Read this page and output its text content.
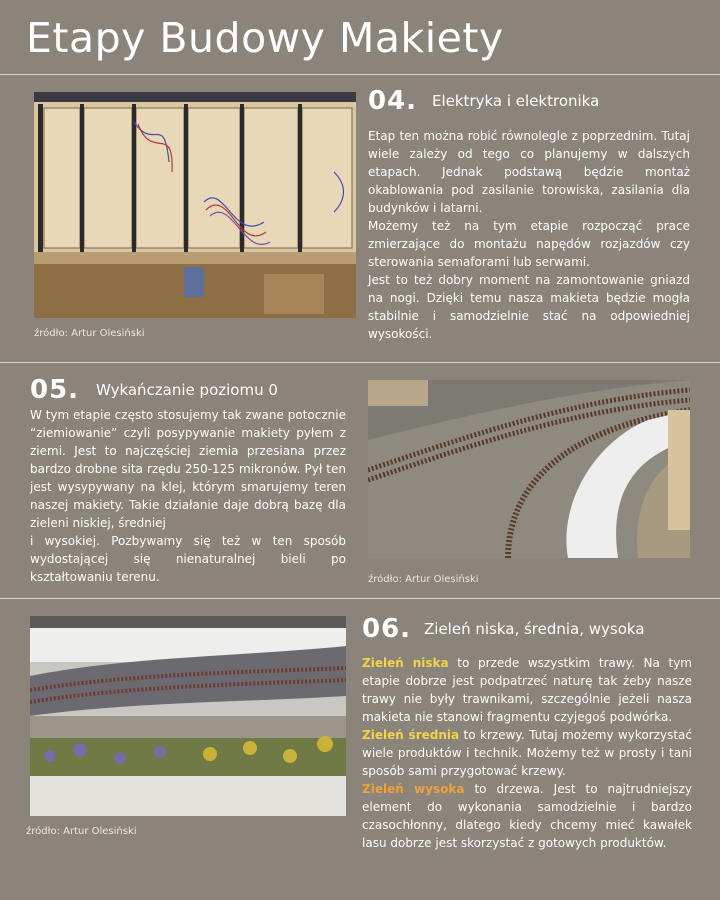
Etapy Budowy Makiety
źródło: Artur Olesiński
04. Elektryka i elektronika

Etap ten można robić równolegle z poprzednim. Tutaj wiele zależy od tego co planujemy w dalszych etapach. Jednak podstawą będzie montaż okablowania pod zasilanie torowiska, zasilania dla budynków i latarni.

Możemy też na tym etapie rozpocząć prace zmierzające do montażu napędów rozjazdów czy sterowania semaforami lub serwami.

Jest to też dobry moment na zamontowanie gniazd na nogi. Dzięki temu nasza makieta będzie mogła stabilnie i samodzielnie stać na odpowiedniej wysokości.

05. Wykańczanie poziomu 0

W tym etapie często stosujemy tak zwane potocznie “ziemiowanie” czyli posypywanie makiety pyłem z ziemi. Jest to najczęściej ziemia przesiana przez bardzo drobne sita rzędu 250-125 mikronów. Pył ten jest wysypywany na klej, którym smarujemy teren naszej makiety. Takie działanie daje dobrą bazę dla zieleni niskiej, średniej

i wysokiej. Pozbywamy się też w ten sposób wydostającej się nienaturalnej bieli po kształtowaniu terenu.	źródło: Artur Olesiński
źródło: Artur Olesiński
06. Zieleń niska, średnia, wysoka

Zieleń niska to przede wszystkim trawy. Na tym etapie dobrze jest podpatrzeć naturę tak żeby nasze trawy nie były trawnikami, szczególnie jeżeli nasza makieta nie stanowi fragmentu czyjegoś podwórka.

Zieleń średnia to krzewy. Tutaj możemy wykorzystać wiele produktów i technik. Możemy też w prosty i tani sposób sami przygotować krzewy.

Zieleń wysoka to drzewa. Jest to najtrudniejszy element do wykonania samodzielnie i bardzo czasochłonny, dlatego kiedy chcemy mieć kawałek lasu dobrze jest skorzystać z gotowych produktów.
